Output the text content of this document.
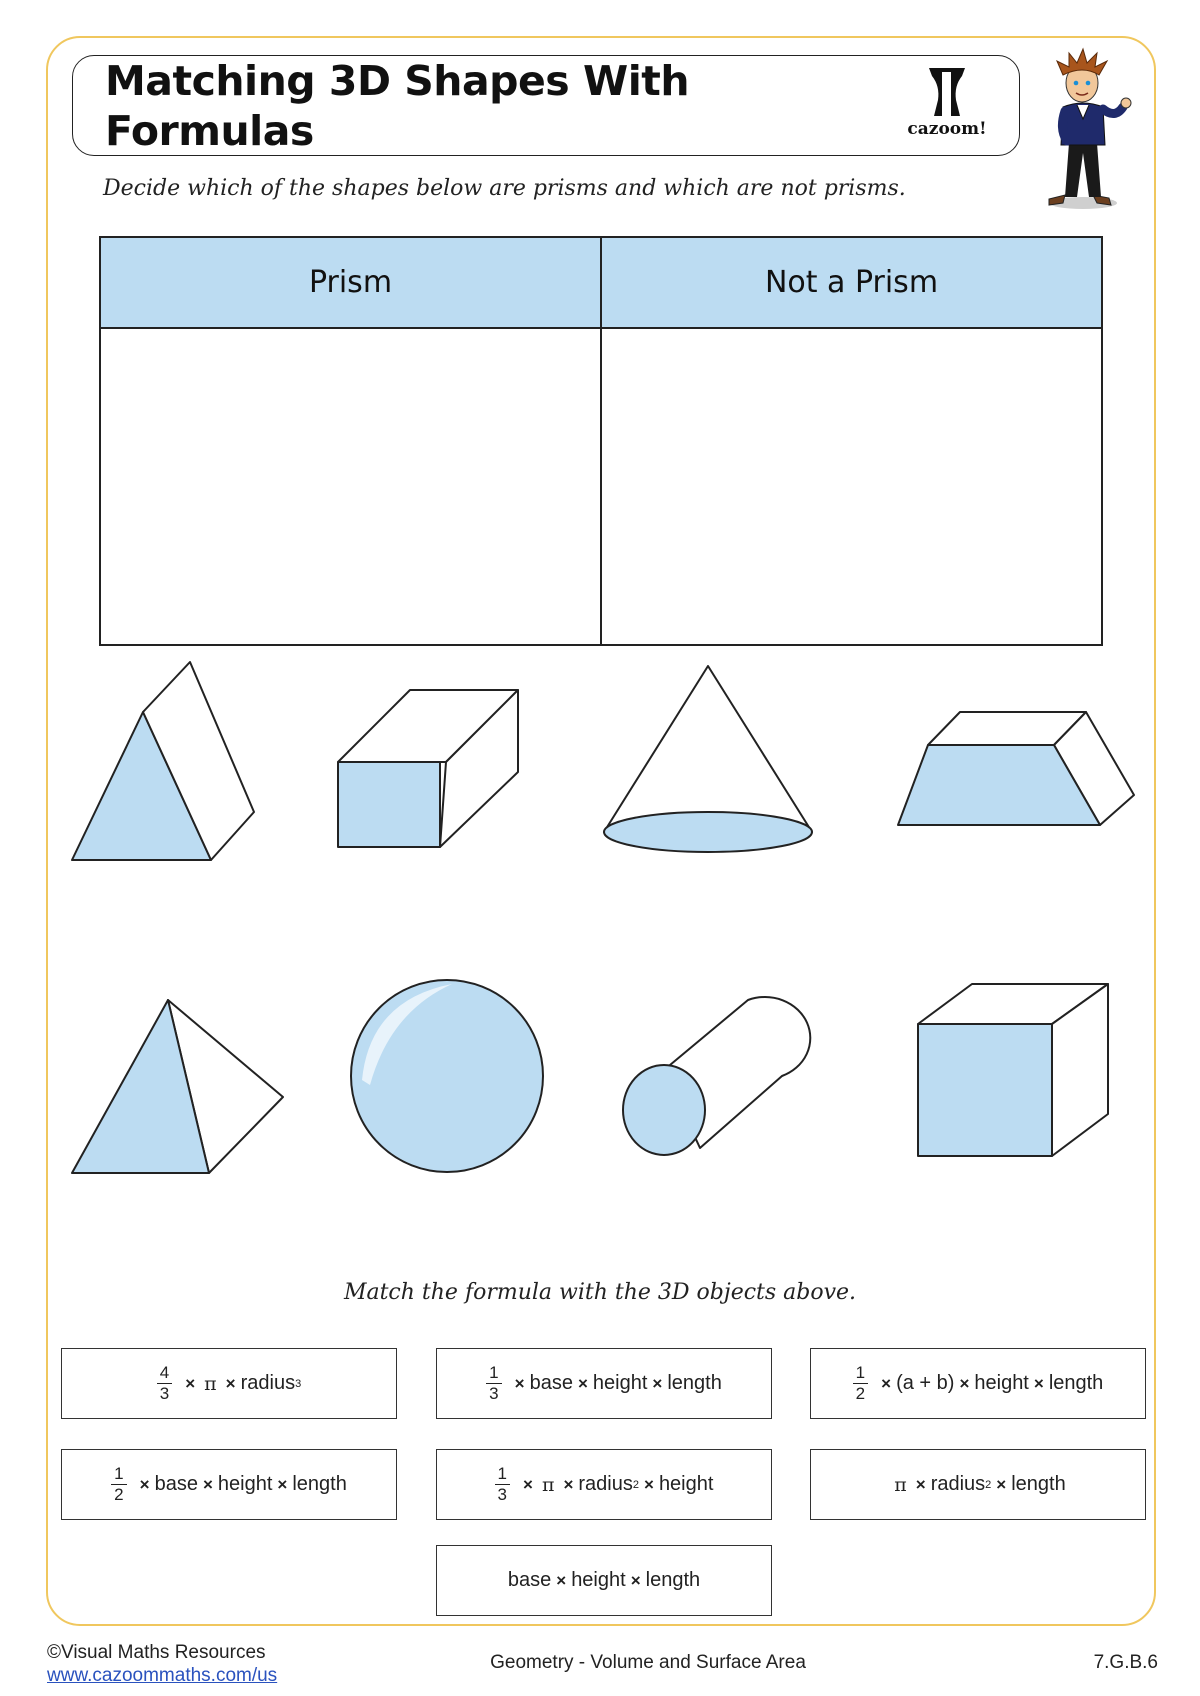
Matching 3D Shapes With
Formulas	cazoom!
Decide which of the shapes below are prisms and which are not prisms.
Prism	Not a Prism

Match the formula with the 3D objects above.
$\frac{4}{3} \times \pi$ × radius 3	$\frac{1}{3}$ × base × height × length	$\frac{1}{2} \times (a + b)$ × height × length
$\frac{1}{2}$ × base × height × length	$\frac{1}{3} \times \pi$ × radius 2 × height	π × radius 2 × length
base × height × length
©Visual Maths Resources
www.cazoommaths.com/us
Geometry - Volume and Surface Area	7.G.B.6
